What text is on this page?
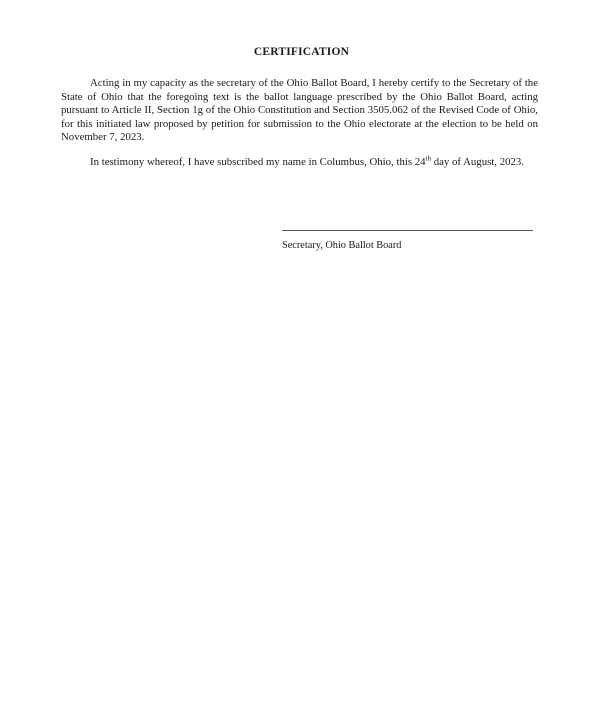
CERTIFICATION

Acting in my capacity as the secretary of the Ohio Ballot Board, I hereby certify to the Secretary of the State of Ohio that the foregoing text is the ballot language prescribed by the Ohio Ballot Board, acting pursuant to Article II, Section 1g of the Ohio Constitution and Section 3505.062 of the Revised Code of Ohio, for this initiated law proposed by petition for submission to the Ohio electorate at the election to be held on November 7, 2023.

In testimony whereof, I have subscribed my name in Columbus, Ohio, this 24th day of August, 2023.

Secretary, Ohio Ballot Board
